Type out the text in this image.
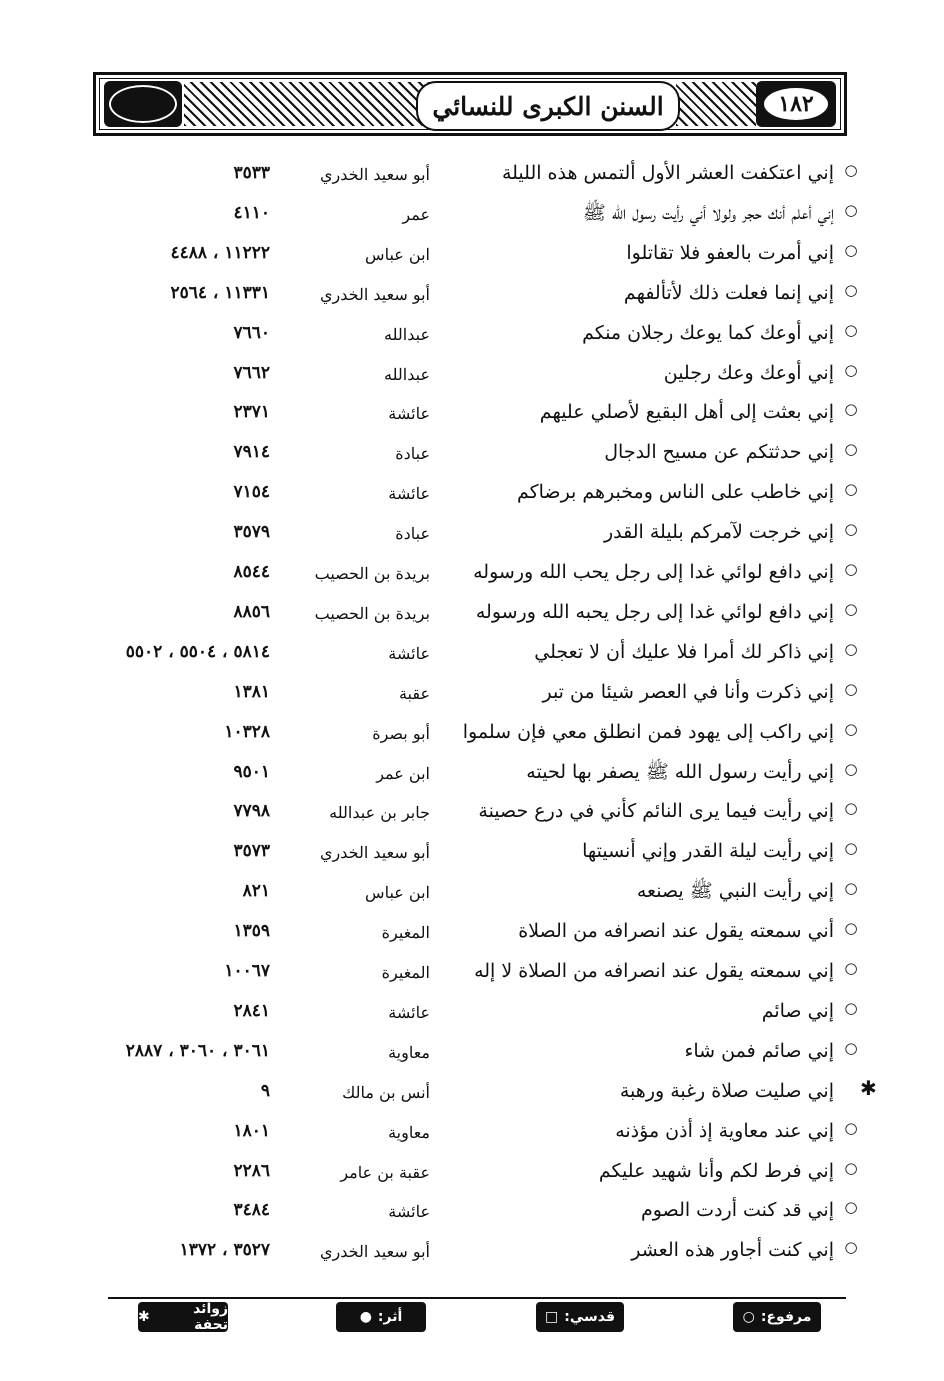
السنن الكبرى للنسائي	١٨٢
○
إني اعتكفت العشر الأول ألتمس هذه الليلة
أبو سعيد الخدري
٣٥٣٣
○
إني أعلم أنك حجر ولولا أني رأيت رسول الله ﷺ
عمر
٤١١٠
○
إني أمرت بالعفو فلا تقاتلوا
ابن عباس
١١٢٢٢ ، ٤٤٨٨
○
إني إنما فعلت ذلك لأتألفهم
أبو سعيد الخدري
١١٣٣١ ، ٢٥٦٤
○
إني أوعك كما يوعك رجلان منكم
عبدالله
٧٦٦٠
○
إني أوعك وعك رجلين
عبدالله
٧٦٦٢
○
إني بعثت إلى أهل البقيع لأصلي عليهم
عائشة
٢٣٧١
○
إني حدثتكم عن مسيح الدجال
عبادة
٧٩١٤
○
إني خاطب على الناس ومخبرهم برضاكم
عائشة
٧١٥٤
○
إني خرجت لآمركم بليلة القدر
عبادة
٣٥٧٩
○
إني دافع لوائي غدا إلى رجل يحب الله ورسوله
بريدة بن الحصيب
٨٥٤٤
○
إني دافع لوائي غدا إلى رجل يحبه الله ورسوله
بريدة بن الحصيب
٨٨٥٦
○
إني ذاكر لك أمرا فلا عليك أن لا تعجلي
عائشة
٥٨١٤ ، ٥٥٠٤ ، ٥٥٠٢
○
إني ذكرت وأنا في العصر شيئا من تبر
عقبة
١٣٨١
○
إني راكب إلى يهود فمن انطلق معي فإن سلموا
أبو بصرة
١٠٣٢٨
○
إني رأيت رسول الله ﷺ يصفر بها لحيته
ابن عمر
٩٥٠١
○
إني رأيت فيما يرى النائم كأني في درع حصينة
جابر بن عبدالله
٧٧٩٨
○
إني رأيت ليلة القدر وإني أنسيتها
أبو سعيد الخدري
٣٥٧٣
○
إني رأيت النبي ﷺ يصنعه
ابن عباس
٨٢١
○
أني سمعته يقول عند انصرافه من الصلاة
المغيرة
١٣٥٩
○
إني سمعته يقول عند انصرافه من الصلاة لا إله
المغيرة
١٠٠٦٧
○
إني صائم
عائشة
٢٨٤١
○
إني صائم فمن شاء
معاوية
٣٠٦١ ، ٣٠٦٠ ، ٢٨٨٧
✱
إني صليت صلاة رغبة ورهبة
أنس بن مالك
٩
○
إني عند معاوية إذ أذن مؤذنه
معاوية
١٨٠١
○
إني فرط لكم وأنا شهيد عليكم
عقبة بن عامر
٢٢٨٦
○
إني قد كنت أردت الصوم
عائشة
٣٤٨٤
○
إني كنت أجاور هذه العشر
أبو سعيد الخدري
٣٥٢٧ ، ١٣٧٢
مرفوع:
○
قدسي:
□
أثر:
●
زوائد تحفة
✱
